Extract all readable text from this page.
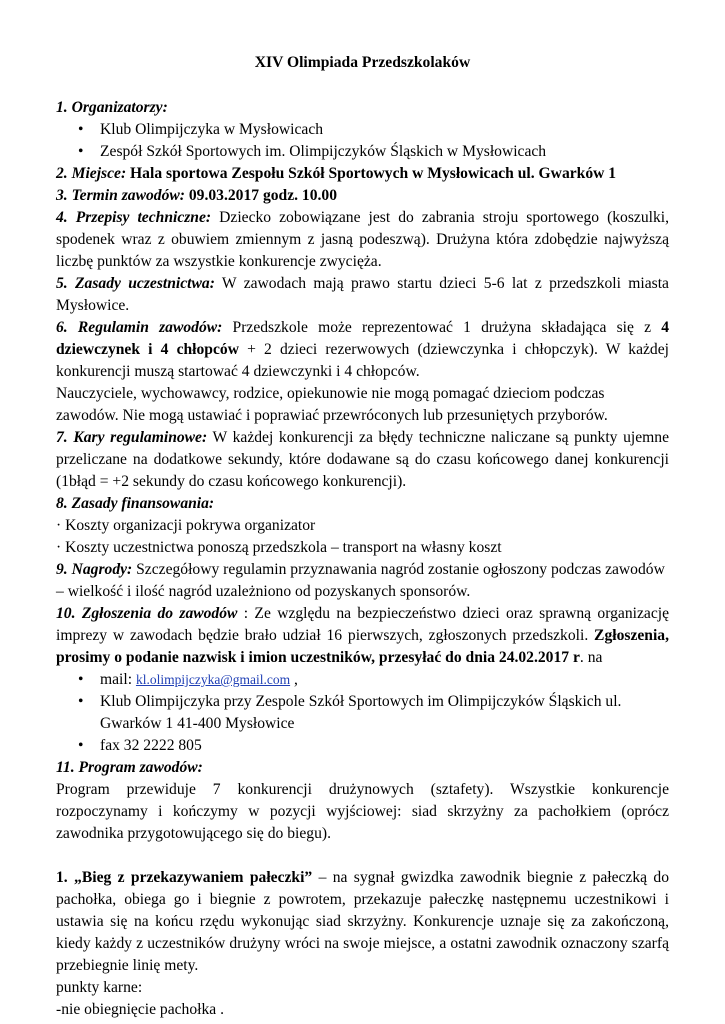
XIV Olimpiada Przedszkolaków

1. Organizatorzy:

• Klub Olimpijczyka w Mysłowicach
• Zespół Szkół Sportowych im. Olimpijczyków Śląskich w Mysłowicach

2. Miejsce: Hala sportowa Zespołu Szkół Sportowych w Mysłowicach ul. Gwarków 1

3. Termin zawodów: 09.03.2017 godz. 10.00

4. Przepisy techniczne: Dziecko zobowiązane jest do zabrania stroju sportowego (koszulki, spodenek wraz z obuwiem zmiennym z jasną podeszwą). Drużyna która zdobędzie najwyższą liczbę punktów za wszystkie konkurencje zwycięża.

5. Zasady uczestnictwa: W zawodach mają prawo startu dzieci 5-6 lat z przedszkoli miasta Mysłowice.

6. Regulamin zawodów: Przedszkole może reprezentować 1 drużyna składająca się z 4 dziewczynek i 4 chłopców + 2 dzieci rezerwowych (dziewczynka i chłopczyk). W każdej konkurencji muszą startować 4 dziewczynki i 4 chłopców.

Nauczyciele, wychowawcy, rodzice, opiekunowie nie mogą pomagać dzieciom podczas zawodów. Nie mogą ustawiać i poprawiać przewróconych lub przesuniętych przyborów.

7. Kary regulaminowe: W każdej konkurencji za błędy techniczne naliczane są punkty ujemne przeliczane na dodatkowe sekundy, które dodawane są do czasu końcowego danej konkurencji (1błąd = +2 sekundy do czasu końcowego konkurencji).

8. Zasady finansowania:

· Koszty organizacji pokrywa organizator

· Koszty uczestnictwa ponoszą przedszkola – transport na własny koszt

9. Nagrody: Szczegółowy regulamin przyznawania nagród zostanie ogłoszony podczas zawodów – wielkość i ilość nagród uzależniono od pozyskanych sponsorów.

10. Zgłoszenia do zawodów : Ze względu na bezpieczeństwo dzieci oraz sprawną organizację imprezy w zawodach będzie brało udział 16 pierwszych, zgłoszonych przedszkoli. Zgłoszenia, prosimy o podanie nazwisk i imion uczestników, przesyłać do dnia 24.02.2017 r. na

• mail: kl.olimpijczyka@gmail.com ,
• Klub Olimpijczyka przy Zespole Szkół Sportowych im Olimpijczyków Śląskich ul. Gwarków 1 41-400 Mysłowice
• fax 32 2222 805

11. Program zawodów:

Program przewiduje 7 konkurencji drużynowych (sztafety). Wszystkie konkurencje rozpoczynamy i kończymy w pozycji wyjściowej: siad skrzyżny za pachołkiem (oprócz zawodnika przygotowującego się do biegu).

1. „Bieg z przekazywaniem pałeczki” – na sygnał gwizdka zawodnik biegnie z pałeczką do pachołka, obiega go i biegnie z powrotem, przekazuje pałeczkę następnemu uczestnikowi i ustawia się na końcu rzędu wykonując siad skrzyżny. Konkurencje uznaje się za zakończoną, kiedy każdy z uczestników drużyny wróci na swoje miejsce, a ostatni zawodnik oznaczony szarfą przebiegnie linię mety.

punkty karne:

-nie obiegnięcie pachołka .
